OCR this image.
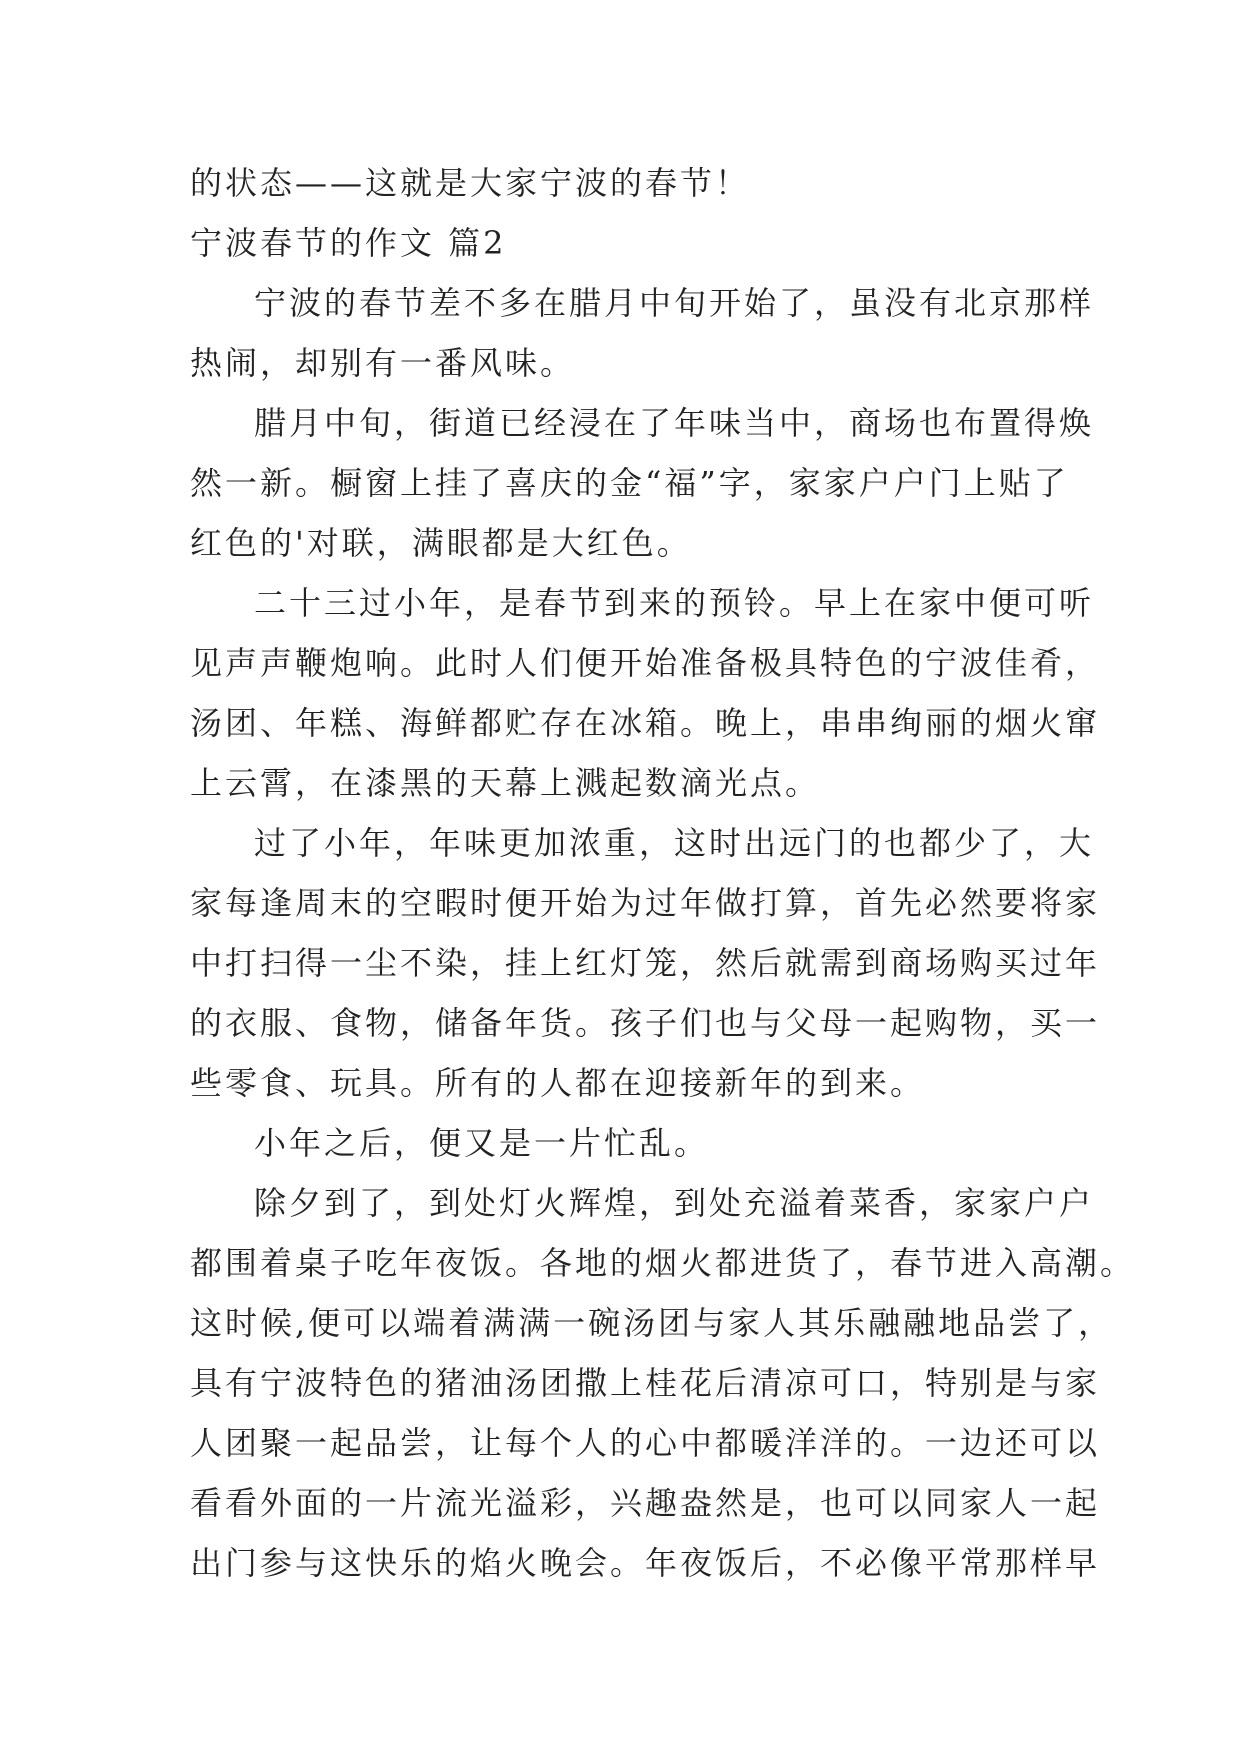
的状态——这就是大家宁波的春节！
宁波春节的作文 篇2
宁波的春节差不多在腊月中旬开始了，虽没有北京那样
热闹，却别有一番风味。
腊月中旬，街道已经浸在了年味当中，商场也布置得焕
然一新。橱窗上挂了喜庆的金“福”字，家家户户门上贴了
红色的'对联，满眼都是大红色。
二十三过小年，是春节到来的预铃。早上在家中便可听
见声声鞭炮响。此时人们便开始准备极具特色的宁波佳肴，
汤团、年糕、海鲜都贮存在冰箱。晚上，串串绚丽的烟火窜
上云霄，在漆黑的天幕上溅起数滴光点。
过了小年，年味更加浓重，这时出远门的也都少了，大
家每逢周末的空暇时便开始为过年做打算，首先必然要将家
中打扫得一尘不染，挂上红灯笼，然后就需到商场购买过年
的衣服、食物，储备年货。孩子们也与父母一起购物，买一
些零食、玩具。所有的人都在迎接新年的到来。
小年之后，便又是一片忙乱。
除夕到了，到处灯火辉煌，到处充溢着菜香，家家户户
都围着桌子吃年夜饭。各地的烟火都进货了，春节进入高潮。
这时候,便可以端着满满一碗汤团与家人其乐融融地品尝了，
具有宁波特色的猪油汤团撒上桂花后清凉可口，特别是与家
人团聚一起品尝，让每个人的心中都暖洋洋的。一边还可以
看看外面的一片流光溢彩，兴趣盎然是，也可以同家人一起
出门参与这快乐的焰火晚会。年夜饭后，不必像平常那样早
